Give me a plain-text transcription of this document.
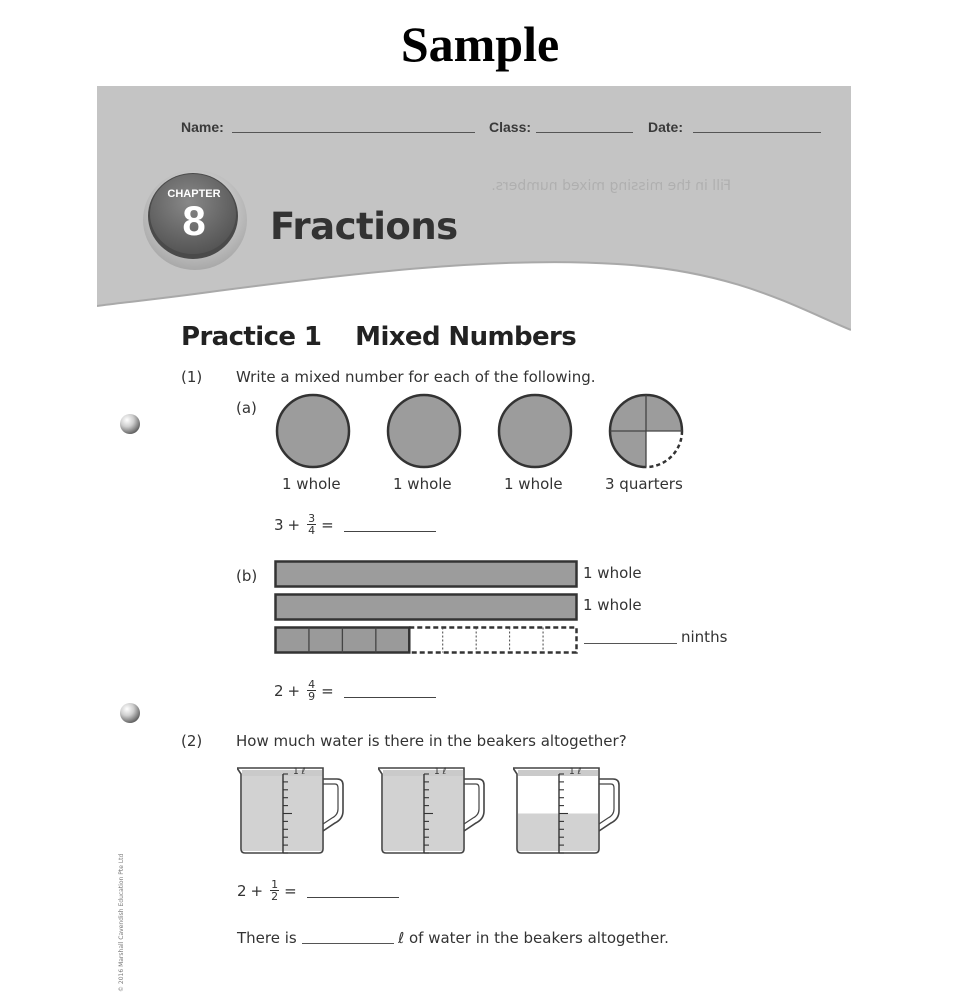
Sample
Fill in the missing mixed numbers.
Name:	Class:	Date:
CHAPTER
8	Fractions
Practice 1    Mixed Numbers
(1) Write a mixed number for each of the following.
(a)
1 whole	1 whole	1 whole	3 quarters
$3 + \frac{3}{4}$ =
(b)	1 whole
1 whole
ninths
$2 + \frac{4}{9}$ =
(2) How much water is there in the beakers altogether?
1 ℓ	1 ℓ	1 ℓ
$2 + \frac{1}{2}$ =
There is	ℓ of water in the beakers altogether.
© 2016 Marshall Cavendish Education Pte Ltd
